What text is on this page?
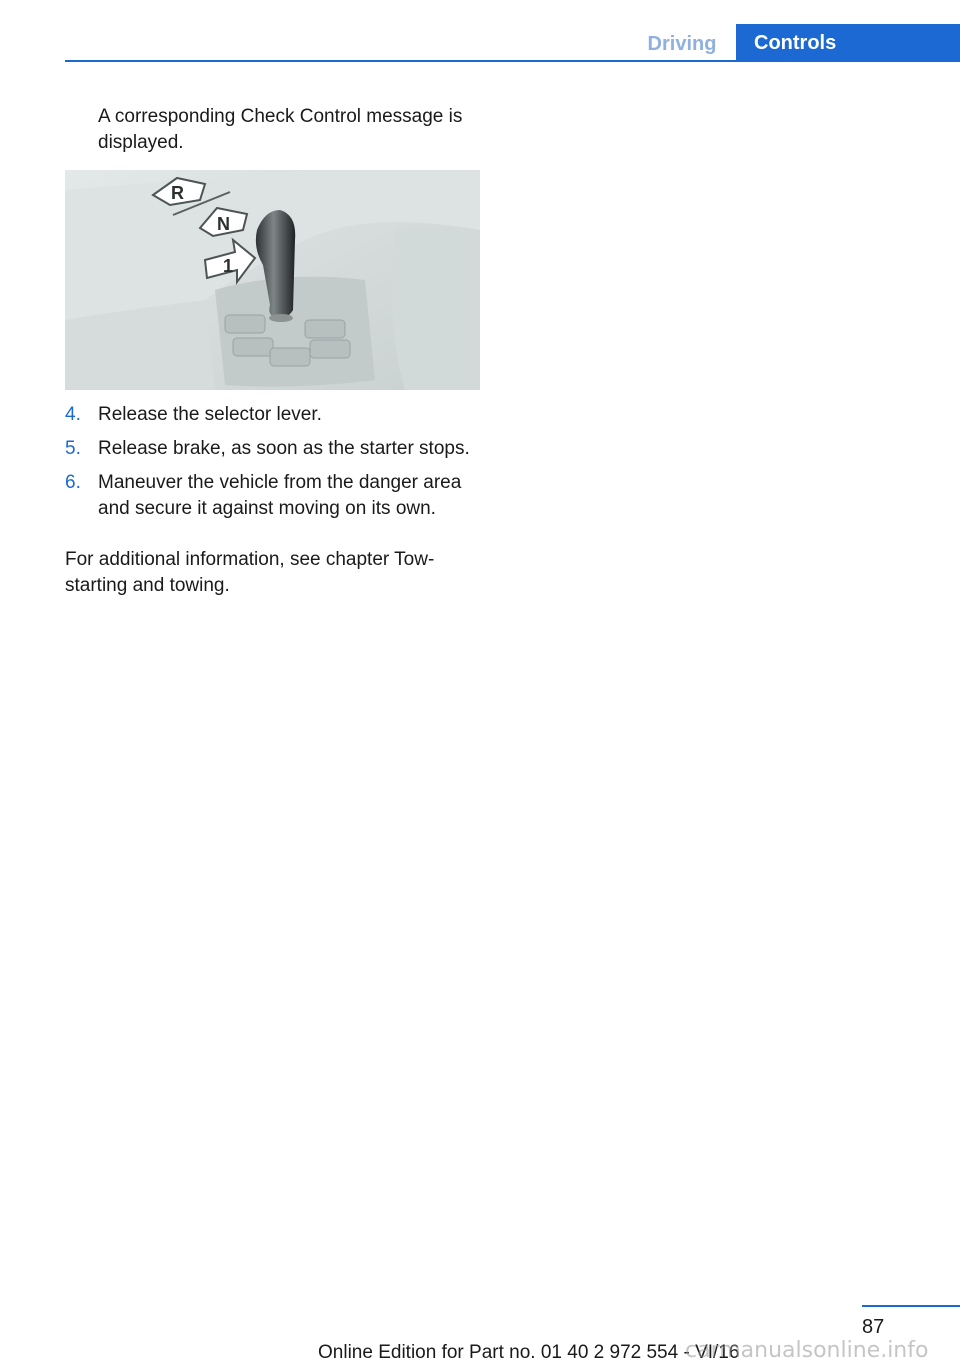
Driving	Controls
A corresponding Check Control message is displayed.
R
N
1
4. Release the selector lever.
5. Release brake, as soon as the starter stops.
6. Maneuver the vehicle from the danger area and secure it against moving on its own.
For additional information, see chapter Tow-starting and towing.
87
Online Edition for Part no. 01 40 2 972 554 - VI/16
carmanualsonline.info
